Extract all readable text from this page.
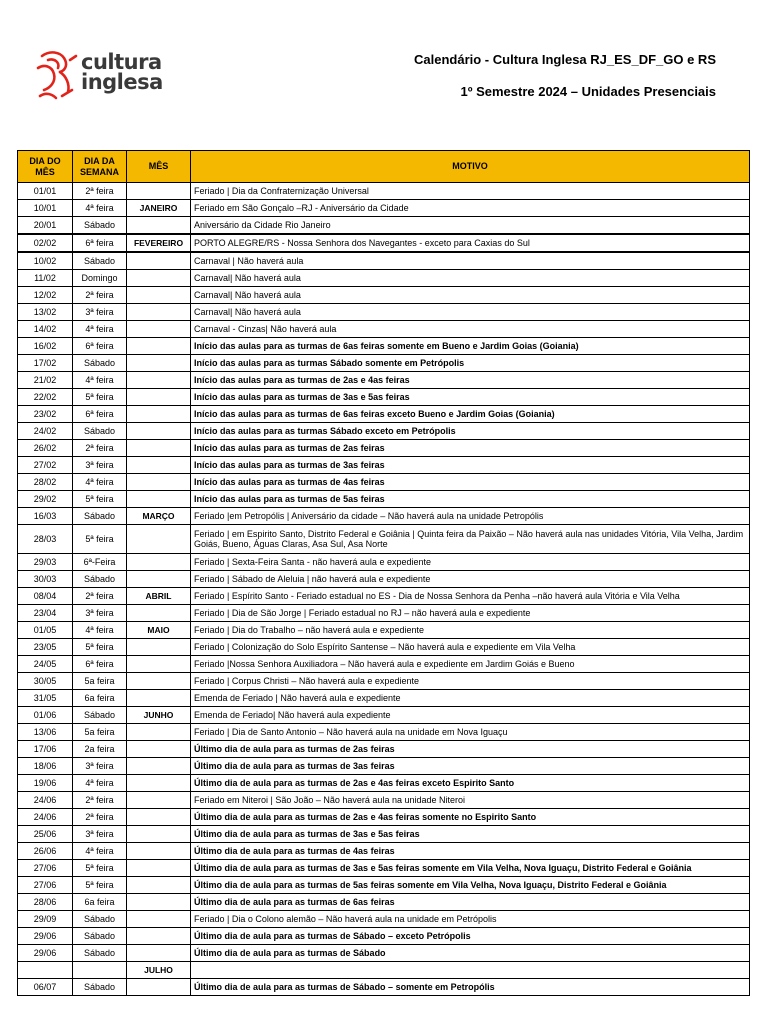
cultura
inglesa
Calendário - Cultura Inglesa RJ_ES_DF_GO e RS
1º Semestre 2024 – Unidades Presenciais
DIA DO MÊS	DIA DA SEMANA	MÊS	MOTIVO
01/01	2ª feira		Feriado | Dia da Confraternização Universal
10/01	4ª feira	JANEIRO	Feriado em São Gonçalo –RJ - Aniversário da Cidade
20/01	Sábado		Aniversário da Cidade Rio Janeiro
02/02	6ª feira	FEVEREIRO	PORTO ALEGRE/RS - Nossa Senhora dos Navegantes - exceto para Caxias do Sul
10/02	Sábado		Carnaval | Não haverá aula
11/02	Domingo		Carnaval| Não haverá aula
12/02	2ª feira		Carnaval| Não haverá aula
13/02	3ª feira		Carnaval| Não haverá aula
14/02	4ª feira		Carnaval - Cinzas| Não haverá aula
16/02	6ª feira		Início das aulas para as turmas de 6as feiras somente em Bueno e Jardim Goias (Goiania)
17/02	Sábado		Início das aulas para as turmas Sábado somente em Petrópolis
21/02	4ª feira		Início das aulas para as turmas de 2as e 4as feiras
22/02	5ª feira		Início das aulas para as turmas de 3as e 5as feiras
23/02	6ª feira		Início das aulas para as turmas de 6as feiras exceto Bueno e Jardim Goias (Goiania)
24/02	Sábado		Início das aulas para as turmas Sábado exceto em Petrópolis
26/02	2ª feira		Início das aulas para as turmas de 2as feiras
27/02	3ª feira		Início das aulas para as turmas de 3as feiras
28/02	4ª feira		Início das aulas para as turmas de 4as feiras
29/02	5ª feira		Início das aulas para as turmas de 5as feiras
16/03	Sábado	MARÇO	Feriado |em Petropólis | Aniversário da cidade – Não haverá aula na unidade Petropólis
28/03	5ª feira		Feriado | em Espirito Santo, Distrito Federal e Goiânia | Quinta feira da Paixão – Não haverá aula nas unidades Vitória, Vila Velha, Jardim Goiás, Bueno, Águas Claras, Asa Sul, Asa Norte
29/03	6ª-Feira		Feriado | Sexta-Feira Santa - não haverá aula e expediente
30/03	Sábado		Feriado | Sábado de Aleluia | não haverá aula e expediente
08/04	2ª feira	ABRIL	Feriado | Espírito Santo - Feriado estadual no ES - Dia de Nossa Senhora da Penha –não haverá aula Vitória e Vila Velha
23/04	3ª feira		Feriado | Dia de São Jorge | Feriado estadual no RJ – não haverá aula e expediente
01/05	4ª feira	MAIO	Feriado | Dia do Trabalho – não haverá aula e expediente
23/05	5ª feira		Feriado | Colonização do Solo Espírito Santense – Não haverá aula e expediente em Vila Velha
24/05	6ª feira		Feriado |Nossa Senhora Auxiliadora – Não haverá aula e expediente em Jardim Goiás e Bueno
30/05	5a feira		Feriado | Corpus Christi – Não haverá aula e expediente
31/05	6a feira		Emenda de Feriado | Não haverá aula e expediente
01/06	Sábado	JUNHO	Emenda de Feriado| Não haverá aula expediente
13/06	5a feira		Feriado | Dia de Santo Antonio – Não haverá aula na unidade em Nova Iguaçu
17/06	2a feira		Último dia de aula para as turmas de 2as feiras
18/06	3ª feira		Último dia de aula para as turmas de 3as feiras
19/06	4ª feira		Último dia de aula para as turmas de 2as e 4as feiras exceto Espirito Santo
24/06	2ª feira		Feriado em Niteroi | São João – Não haverá aula na unidade Niteroi
24/06	2ª feira		Último dia de aula para as turmas de 2as e 4as feiras somente no Espirito Santo
25/06	3ª feira		Último dia de aula para as turmas de 3as e 5as feiras
26/06	4ª feira		Último dia de aula para as turmas de 4as feiras
27/06	5ª feira		Último dia de aula para as turmas de 3as e 5as feiras somente em Vila Velha, Nova Iguaçu, Distrito Federal e Goiânia
27/06	5ª feira		Último dia de aula para as turmas de 5as feiras somente em Vila Velha, Nova Iguaçu, Distrito Federal e Goiânia
28/06	6a feira		Último dia de aula para as turmas de 6as feiras
29/09	Sábado		Feriado | Dia o Colono alemão – Não haverá aula na unidade em Petrópolis
29/06	Sábado		Último dia de aula para as turmas de Sábado – exceto Petrópolis
29/06	Sábado		Último dia de aula para as turmas de Sábado
		JULHO	
06/07	Sábado		Último dia de aula para as turmas de Sábado – somente em Petropólis
